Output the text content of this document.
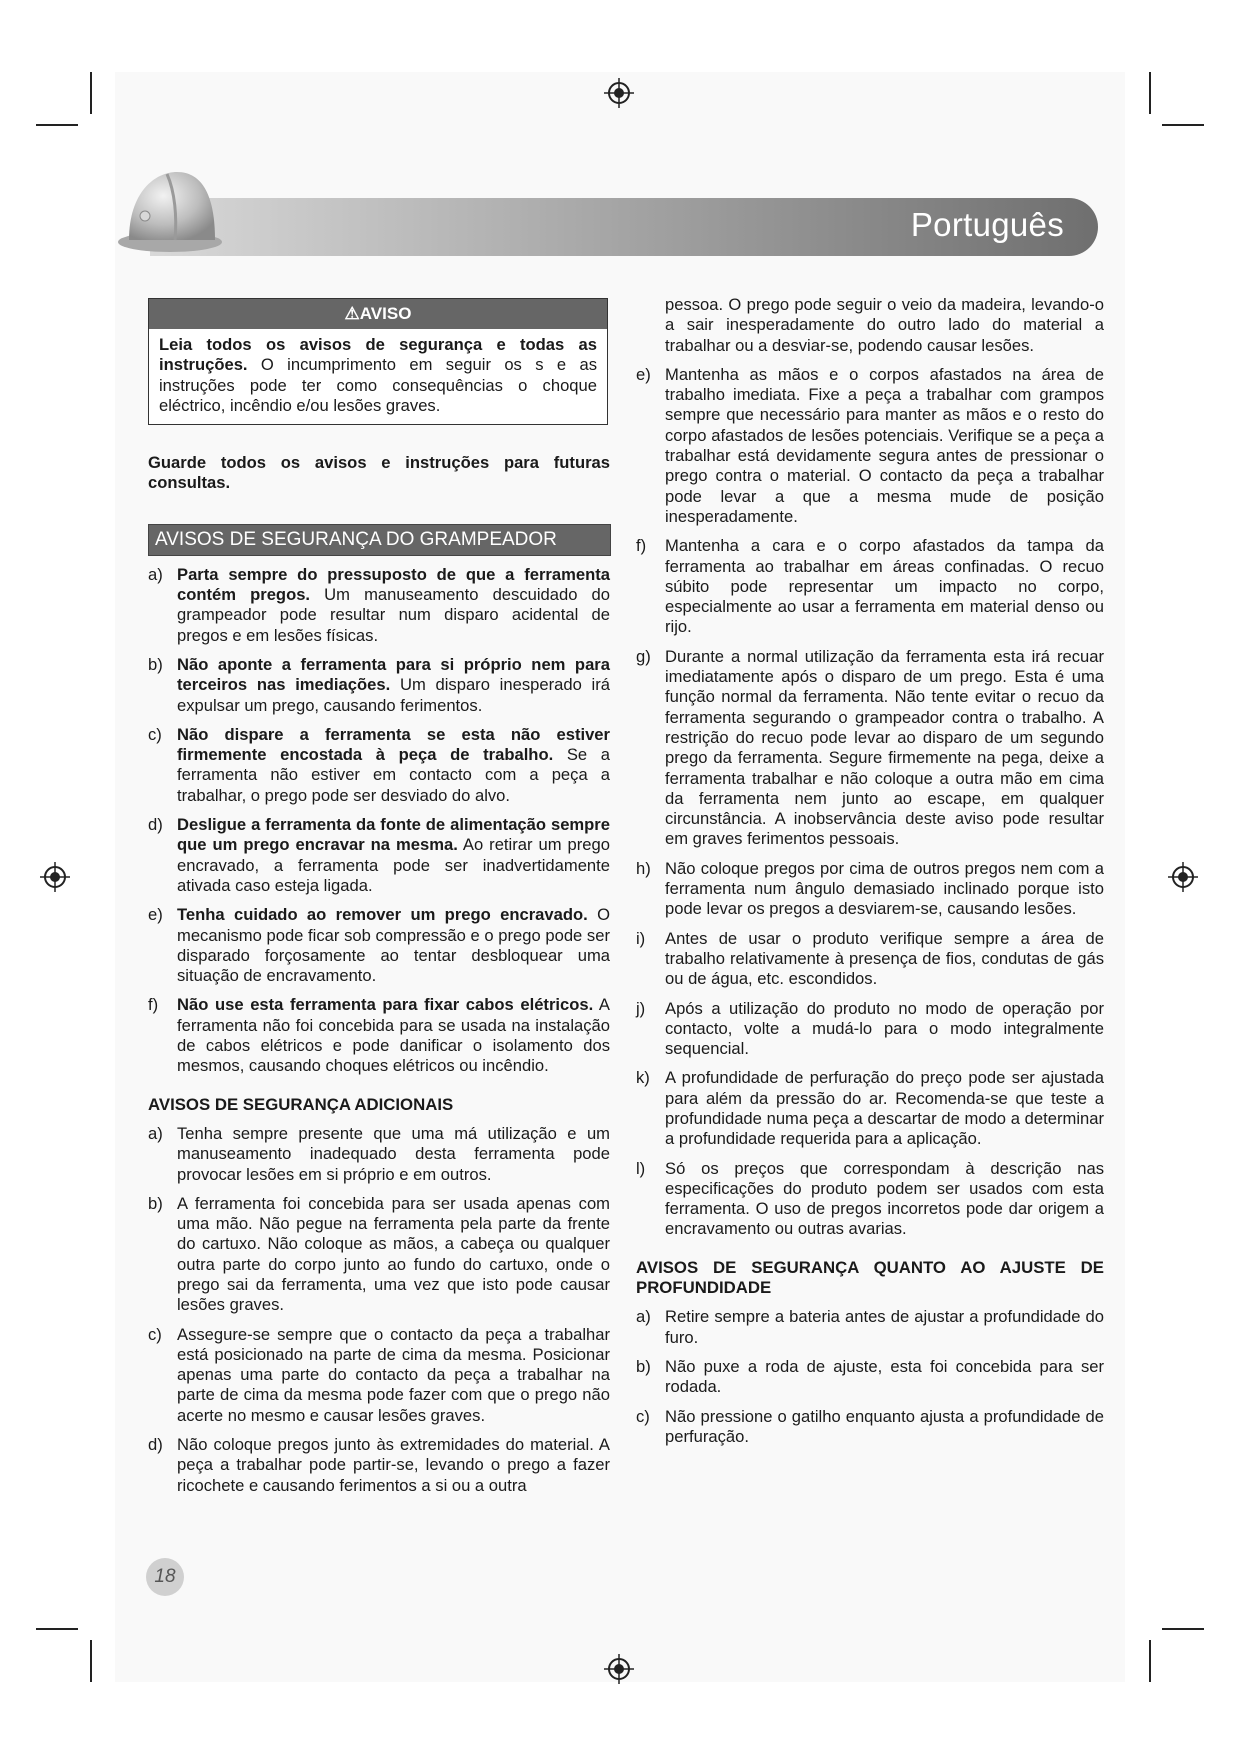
Português
⚠AVISO
Leia todos os avisos de segurança e todas as instruções. O incumprimento em seguir os s e as instruções pode ter como consequências o choque eléctrico, incêndio e/ou lesões graves.

Guarde todos os avisos e instruções para futuras consultas.

AVISOS DE SEGURANÇA DO GRAMPEADOR
a) Parta sempre do pressuposto de que a ferramenta contém pregos. Um manuseamento descuidado do grampeador pode resultar num disparo acidental de pregos e em lesões físicas.
b) Não aponte a ferramenta para si próprio nem para terceiros nas imediações. Um disparo inesperado irá expulsar um prego, causando ferimentos.
c) Não dispare a ferramenta se esta não estiver firmemente encostada à peça de trabalho. Se a ferramenta não estiver em contacto com a peça a trabalhar, o prego pode ser desviado do alvo.
d) Desligue a ferramenta da fonte de alimentação sempre que um prego encravar na mesma. Ao retirar um prego encravado, a ferramenta pode ser inadvertidamente ativada caso esteja ligada.
e) Tenha cuidado ao remover um prego encravado. O mecanismo pode ficar sob compressão e o prego pode ser disparado forçosamente ao tentar desbloquear uma situação de encravamento.
f) Não use esta ferramenta para fixar cabos elétricos. A ferramenta não foi concebida para se usada na instalação de cabos elétricos e pode danificar o isolamento dos mesmos, causando choques elétricos ou incêndio.
AVISOS DE SEGURANÇA ADICIONAIS
a) Tenha sempre presente que uma má utilização e um manuseamento inadequado desta ferramenta pode provocar lesões em si próprio e em outros.
b) A ferramenta foi concebida para ser usada apenas com uma mão. Não pegue na ferramenta pela parte da frente do cartuxo. Não coloque as mãos, a cabeça ou qualquer outra parte do corpo junto ao fundo do cartuxo, onde o prego sai da ferramenta, uma vez que isto pode causar lesões graves.
c) Assegure-se sempre que o contacto da peça a trabalhar está posicionado na parte de cima da mesma. Posicionar apenas uma parte do contacto da peça a trabalhar na parte de cima da mesma pode fazer com que o prego não acerte no mesmo e causar lesões graves.
d) Não coloque pregos junto às extremidades do material. A peça a trabalhar pode partir-se, levando o prego a fazer ricochete e causando ferimentos a si ou a outra

pessoa. O prego pode seguir o veio da madeira, levando-o a sair inesperadamente do outro lado do material a trabalhar ou a desviar-se, podendo causar lesões.

e) Mantenha as mãos e o corpos afastados na área de trabalho imediata. Fixe a peça a trabalhar com grampos sempre que necessário para manter as mãos e o resto do corpo afastados de lesões potenciais. Verifique se a peça a trabalhar está devidamente segura antes de pressionar o prego contra o material. O contacto da peça a trabalhar pode levar a que a mesma mude de posição inesperadamente.
f) Mantenha a cara e o corpo afastados da tampa da ferramenta ao trabalhar em áreas confinadas. O recuo súbito pode representar um impacto no corpo, especialmente ao usar a ferramenta em material denso ou rijo.
g) Durante a normal utilização da ferramenta esta irá recuar imediatamente após o disparo de um prego. Esta é uma função normal da ferramenta. Não tente evitar o recuo da ferramenta segurando o grampeador contra o trabalho. A restrição do recuo pode levar ao disparo de um segundo prego da ferramenta. Segure firmemente na pega, deixe a ferramenta trabalhar e não coloque a outra mão em cima da ferramenta nem junto ao escape, em qualquer circunstância. A inobservância deste aviso pode resultar em graves ferimentos pessoais.
h) Não coloque pregos por cima de outros pregos nem com a ferramenta num ângulo demasiado inclinado porque isto pode levar os pregos a desviarem-se, causando lesões.
i) Antes de usar o produto verifique sempre a área de trabalho relativamente à presença de fios, condutas de gás ou de água, etc. escondidos.
j) Após a utilização do produto no modo de operação por contacto, volte a mudá-lo para o modo integralmente sequencial.
k) A profundidade de perfuração do preço pode ser ajustada para além da pressão do ar. Recomenda-se que teste a profundidade numa peça a descartar de modo a determinar a profundidade requerida para a aplicação.
l) Só os preços que correspondam à descrição nas especificações do produto podem ser usados com esta ferramenta. O uso de pregos incorretos pode dar origem a encravamento ou outras avarias.
AVISOS DE SEGURANÇA QUANTO AO AJUSTE DE PROFUNDIDADE
a) Retire sempre a bateria antes de ajustar a profundidade do furo.
b) Não puxe a roda de ajuste, esta foi concebida para ser rodada.
c) Não pressione o gatilho enquanto ajusta a profundidade de perfuração.
18
